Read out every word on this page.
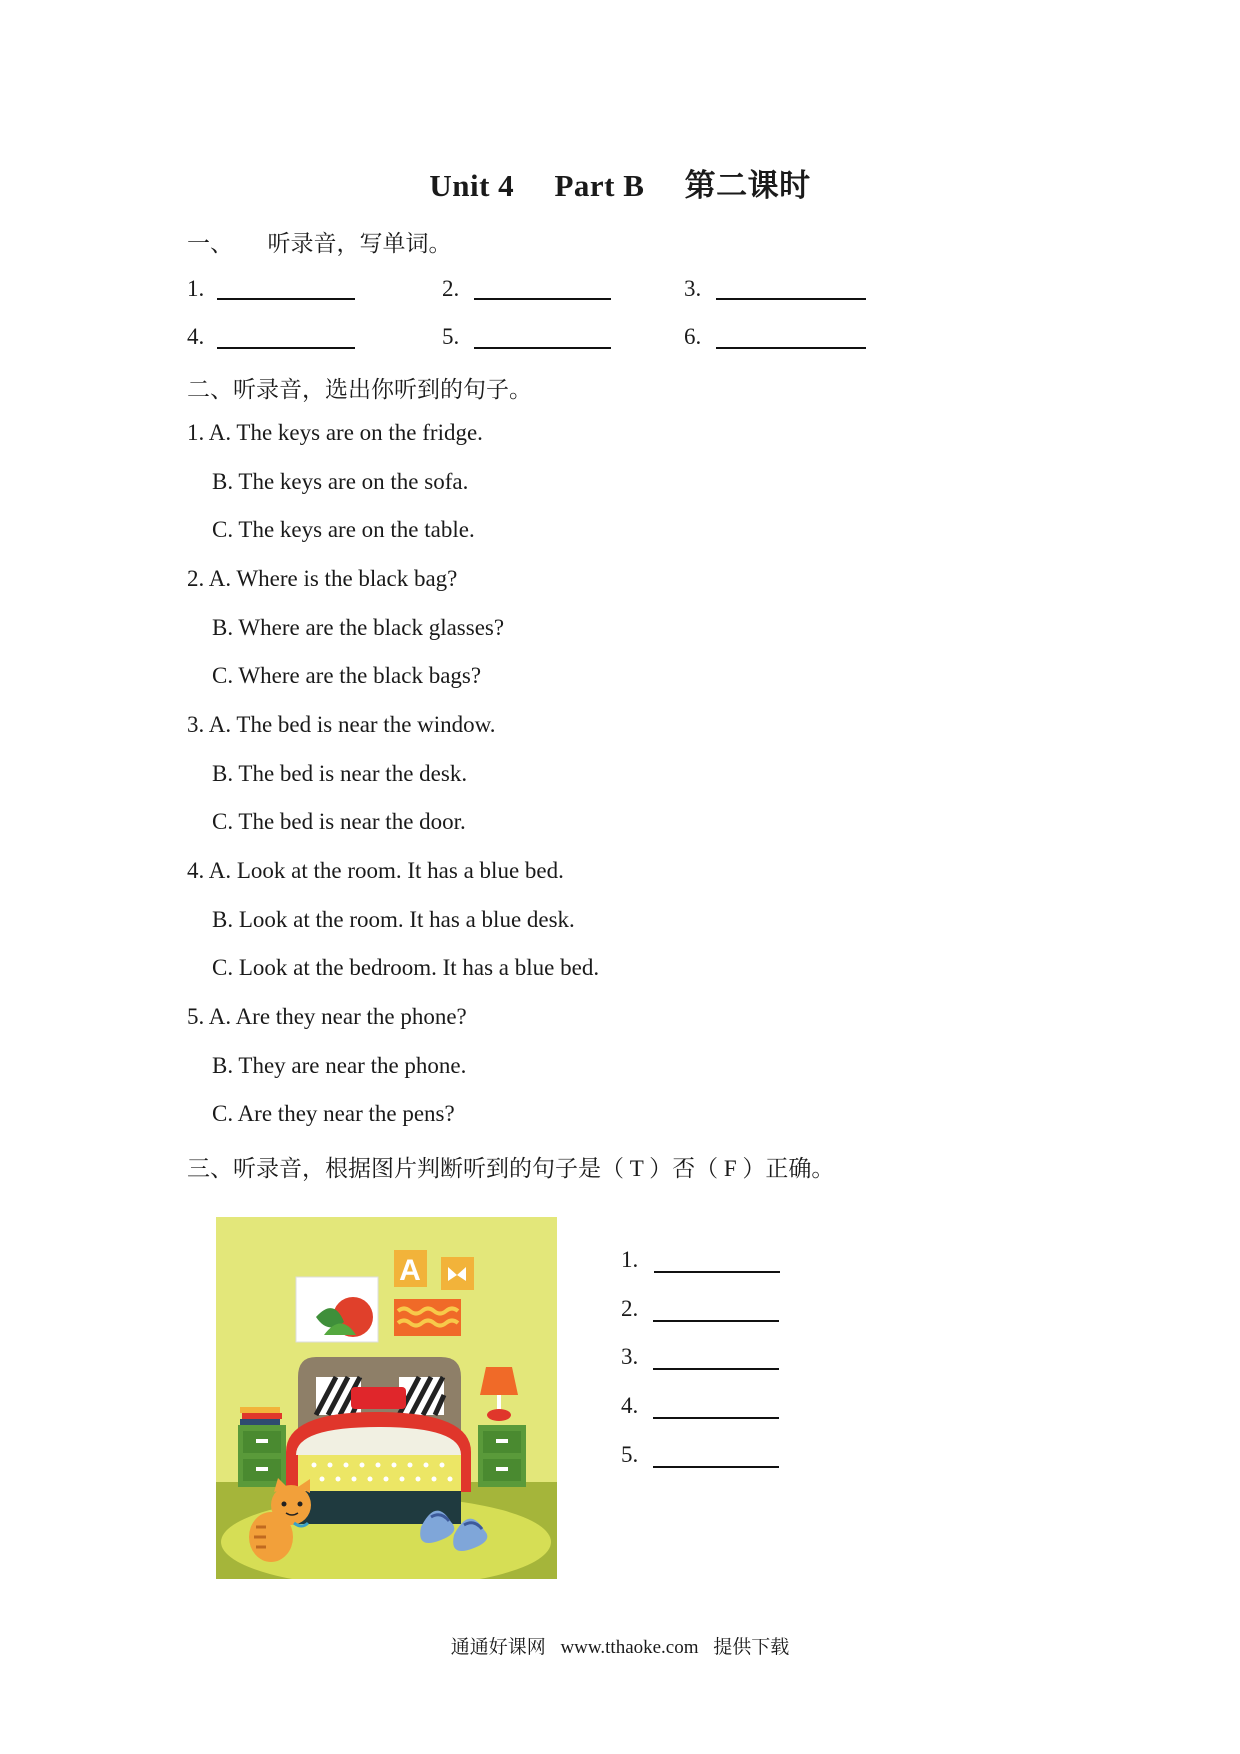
Unit 4 Part B 第二课时
一、　　听录音，写单词。
1.	2.	3.
4.	5.	6.
二、听录音，选出你听到的句子。
1. A. The keys are on the fridge.
B. The keys are on the sofa.
C. The keys are on the table.
2. A. Where is the black bag?
B. Where are the black glasses?
C. Where are the black bags?
3. A. The bed is near the window.
B. The bed is near the desk.
C. The bed is near the door.
4. A. Look at the room. It has a blue bed.
B. Look at the room. It has a blue desk.
C. Look at the bedroom. It has a blue bed.
5. A. Are they near the phone?
B. They are near the phone.
C. Are they near the pens?
三、听录音，根据图片判断听到的句子是（ T ）否（ F ）正确。
A	1.
2.
3.
4.
5.
通通好课网 www.tthaoke.com 提供下载
